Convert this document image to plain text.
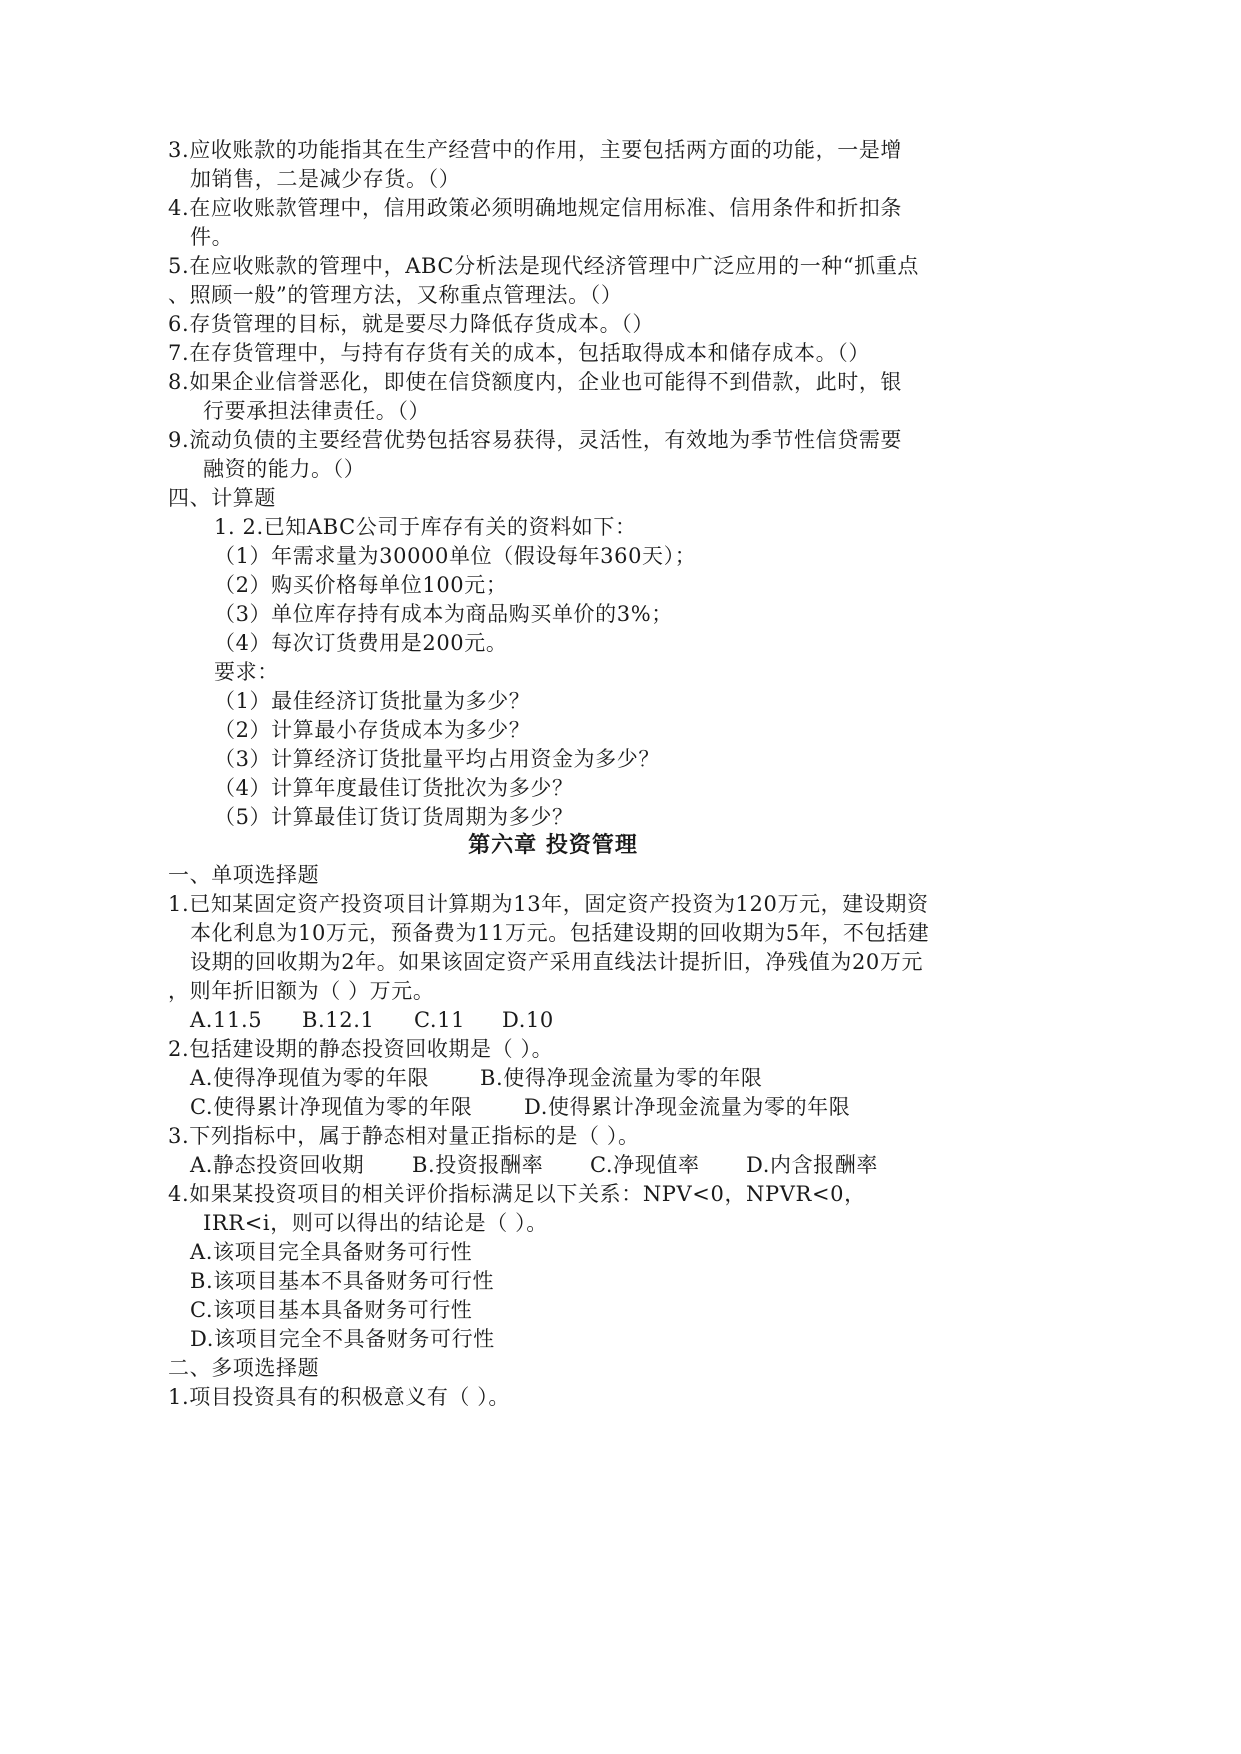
3.应收账款的功能指其在生产经营中的作用，主要包括两方面的功能，一是增
加销售，二是减少存货。（）
4.在应收账款管理中，信用政策必须明确地规定信用标准、信用条件和折扣条
件。
5.在应收账款的管理中，ABC分析法是现代经济管理中广泛应用的一种“抓重点
、照顾一般”的管理方法，又称重点管理法。（）
6.存货管理的目标，就是要尽力降低存货成本。（）
7.在存货管理中，与持有存货有关的成本，包括取得成本和储存成本。（）
8.如果企业信誉恶化，即使在信贷额度内，企业也可能得不到借款，此时，银
行要承担法律责任。（）
9.流动负债的主要经营优势包括容易获得，灵活性，有效地为季节性信贷需要
融资的能力。（）
四、计算题
1. 2.已知ABC公司于库存有关的资料如下：
（1）年需求量为30000单位（假设每年360天）；
（2）购买价格每单位100元；
（3）单位库存持有成本为商品购买单价的3%；
（4）每次订货费用是200元。
要求：
（1）最佳经济订货批量为多少？
（2）计算最小存货成本为多少？
（3）计算经济订货批量平均占用资金为多少？
（4）计算年度最佳订货批次为多少？
（5）计算最佳订货订货周期为多少？
第六章 投资管理
一、单项选择题
1.已知某固定资产投资项目计算期为13年，固定资产投资为120万元，建设期资
本化利息为10万元，预备费为11万元。包括建设期的回收期为5年，不包括建
设期的回收期为2年。如果该固定资产采用直线法计提折旧，净残值为20万元
，则年折旧额为（ ）万元。
A.11.5 B.12.1 C.11 D.10
2.包括建设期的静态投资回收期是（ ）。
A.使得净现值为零的年限 B.使得净现金流量为零的年限
C.使得累计净现值为零的年限 D.使得累计净现金流量为零的年限
3.下列指标中，属于静态相对量正指标的是（ ）。
A.静态投资回收期 B.投资报酬率 C.净现值率 D.内含报酬率
4.如果某投资项目的相关评价指标满足以下关系：NPV<0，NPVR<0，
IRR<i，则可以得出的结论是（ ）。
A.该项目完全具备财务可行性
B.该项目基本不具备财务可行性
C.该项目基本具备财务可行性
D.该项目完全不具备财务可行性
二、多项选择题
1.项目投资具有的积极意义有（ ）。
